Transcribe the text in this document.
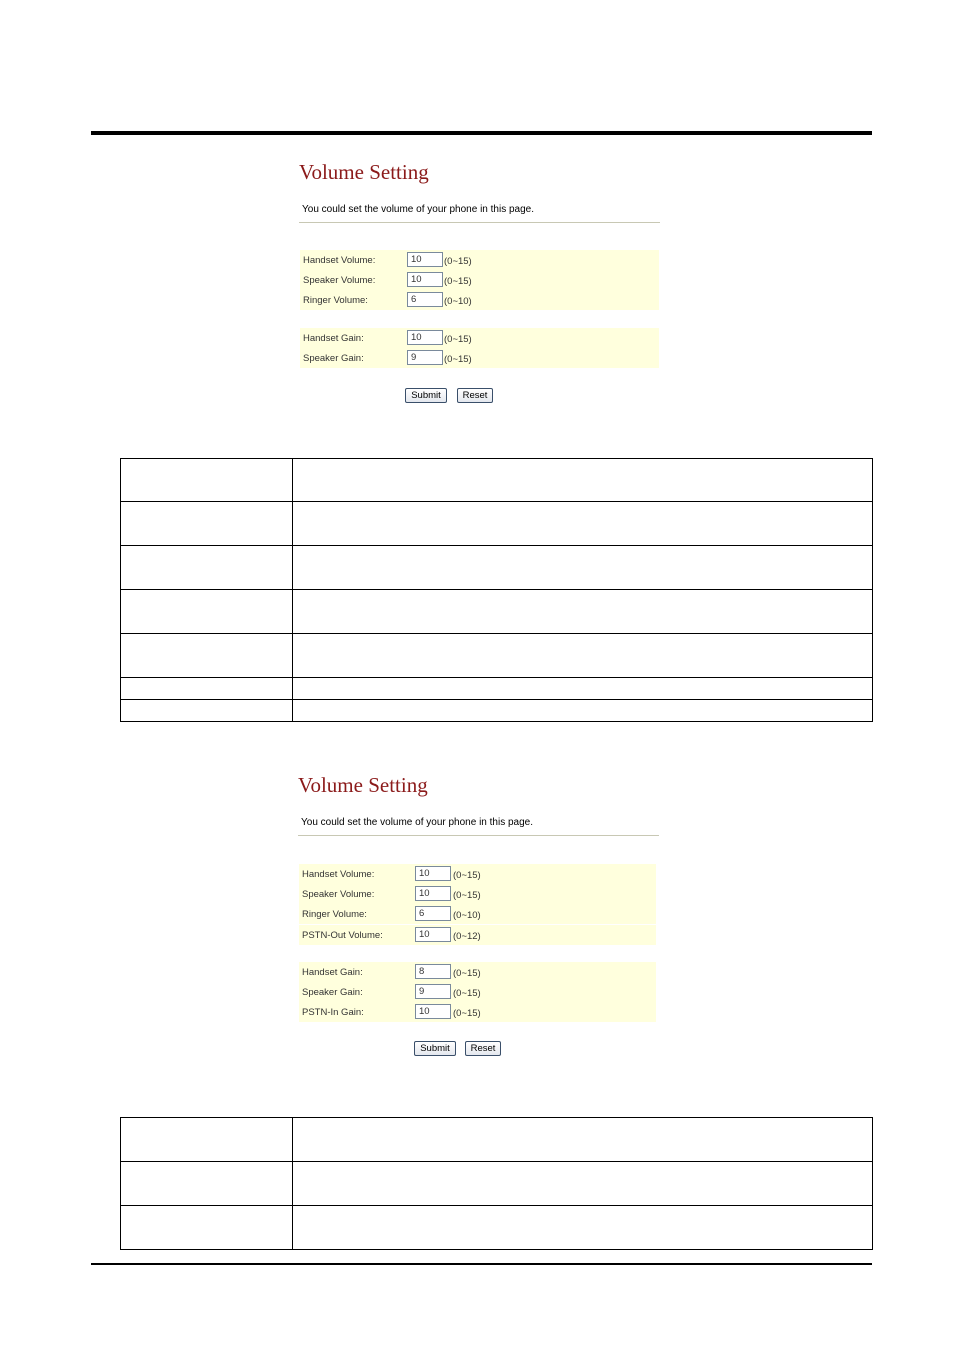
Volume Setting
You could set the volume of your phone in this page.
Handset Volume:	10	(0~15)
Speaker Volume:	10	(0~15)
Ringer Volume:	6	(0~10)
Handset Gain:	10	(0~15)
Speaker Gain:	9	(0~15)
Submit	Reset

Volume Setting
You could set the volume of your phone in this page.
Handset Volume:	10	(0~15)
Speaker Volume:	10	(0~15)
Ringer Volume:	6	(0~10)
PSTN-Out Volume:	10	(0~12)
Handset Gain:	8	(0~15)
Speaker Gain:	9	(0~15)
PSTN-In Gain:	10	(0~15)
Submit	Reset
